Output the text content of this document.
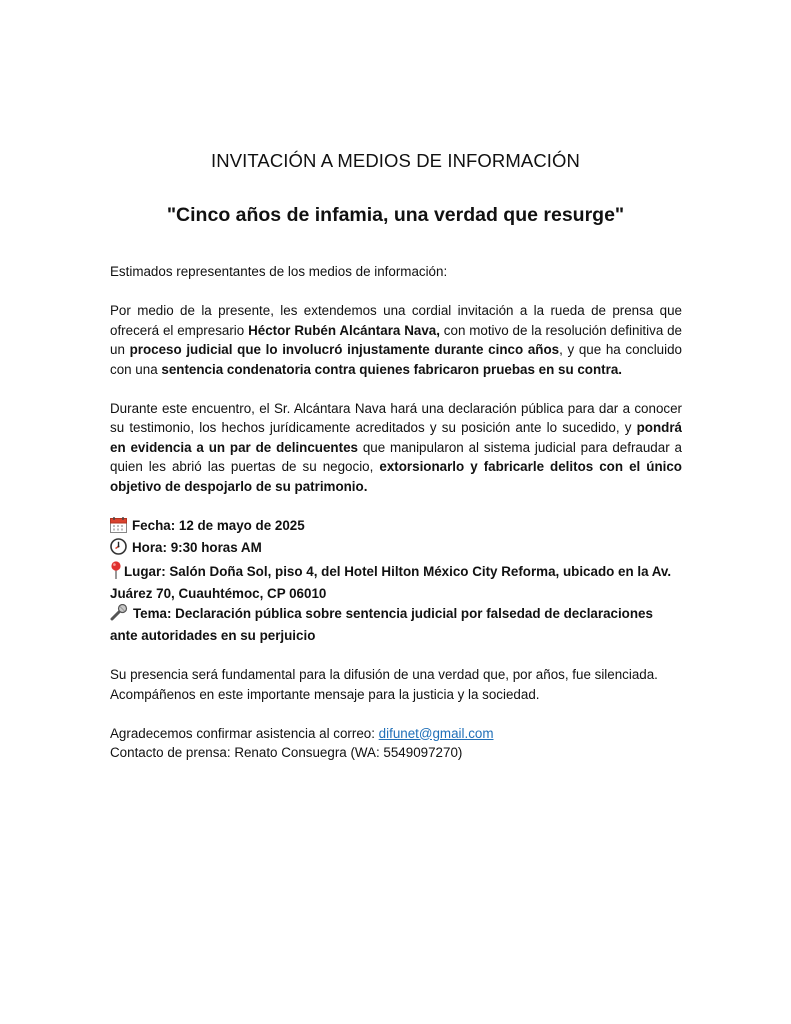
INVITACIÓN A MEDIOS DE INFORMACIÓN
"Cinco años de infamia, una verdad que resurge"

Estimados representantes de los medios de información:

Por medio de la presente, les extendemos una cordial invitación a la rueda de prensa que ofrecerá el empresario Héctor Rubén Alcántara Nava, con motivo de la resolución definitiva de un proceso judicial que lo involucró injustamente durante cinco años, y que ha concluido con una sentencia condenatoria contra quienes fabricaron pruebas en su contra.

Durante este encuentro, el Sr. Alcántara Nava hará una declaración pública para dar a conocer su testimonio, los hechos jurídicamente acreditados y su posición ante lo sucedido, y pondrá en evidencia a un par de delincuentes que manipularon al sistema judicial para defraudar a quien les abrió las puertas de su negocio, extorsionarlo y fabricarle delitos con el único objetivo de despojarlo de su patrimonio.

Fecha: 12 de mayo de 2025

Hora: 9:30 horas AM

Lugar: Salón Doña Sol, piso 4, del Hotel Hilton México City Reforma, ubicado en la Av. Juárez 70, Cuauhtémoc, CP 06010

Tema: Declaración pública sobre sentencia judicial por falsedad de declaraciones ante autoridades en su perjuicio

Su presencia será fundamental para la difusión de una verdad que, por años, fue silenciada.

Acompáñenos en este importante mensaje para la justicia y la sociedad.

Agradecemos confirmar asistencia al correo: difunet@gmail.com

Contacto de prensa: Renato Consuegra (WA: 5549097270)
